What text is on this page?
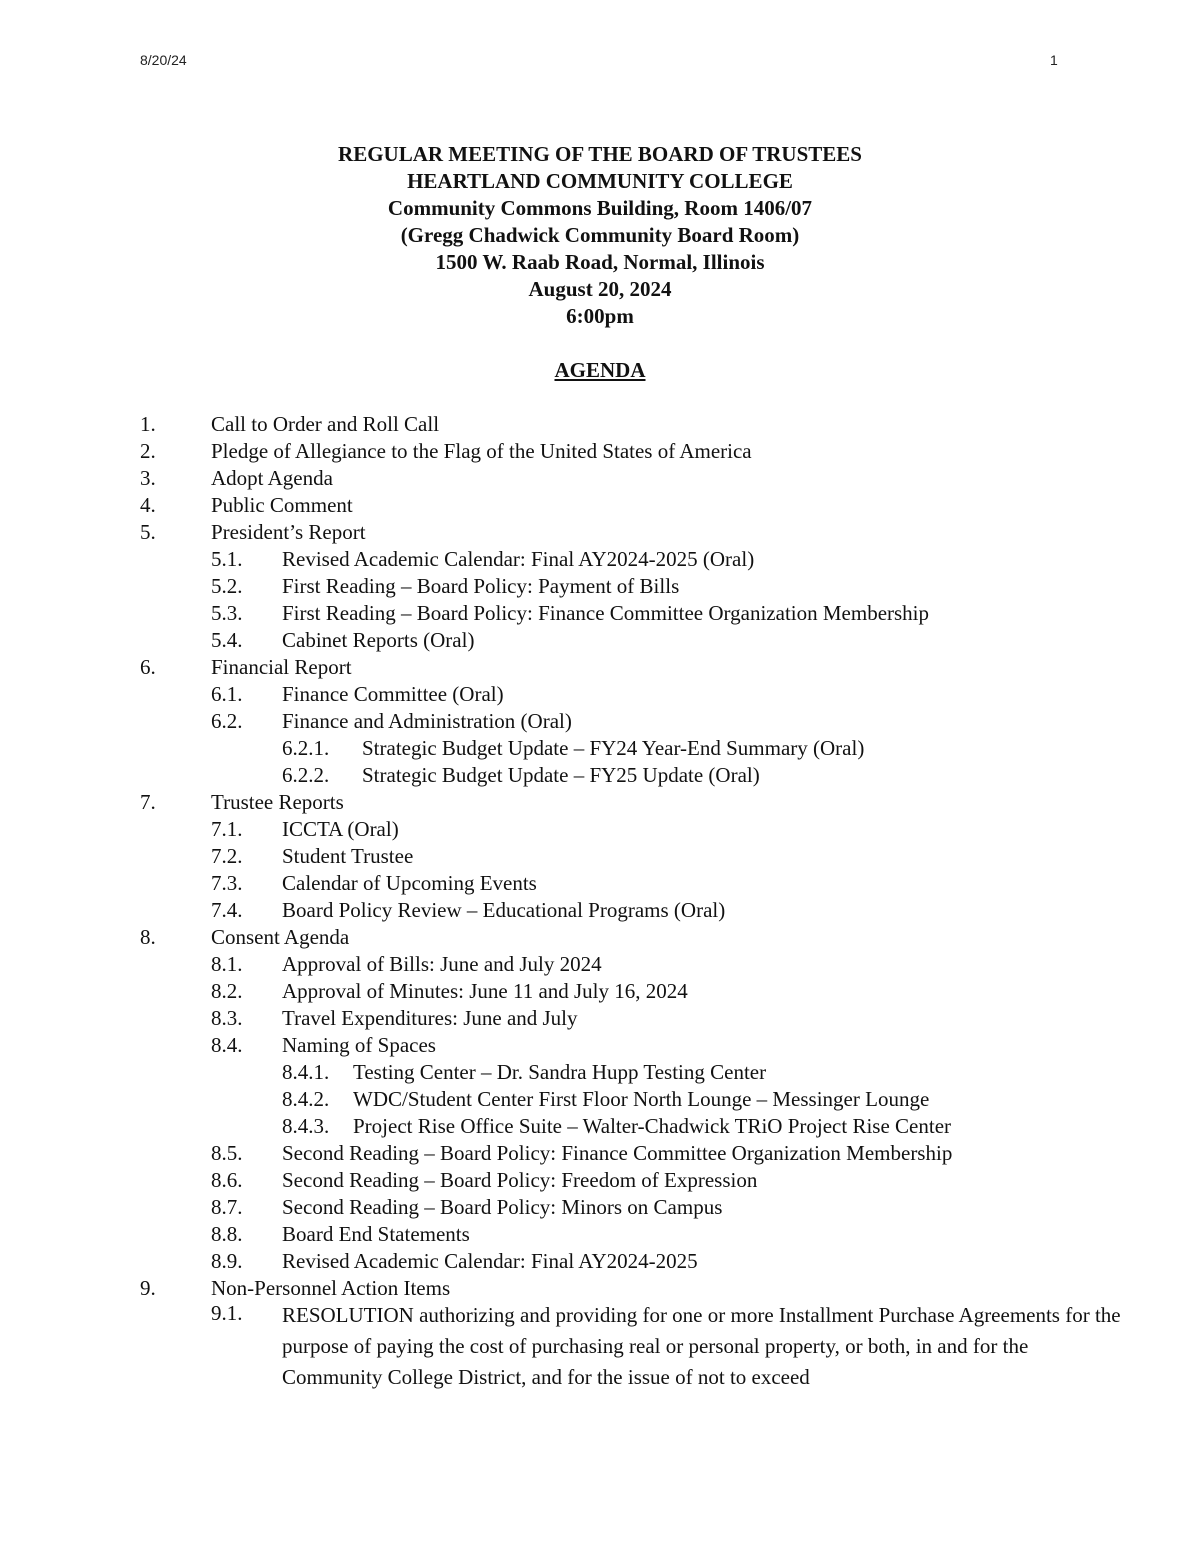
8/20/24	1
REGULAR MEETING OF THE BOARD OF TRUSTEES
HEARTLAND COMMUNITY COLLEGE
Community Commons Building, Room 1406/07
(Gregg Chadwick Community Board Room)
1500 W. Raab Road, Normal, Illinois
August 20, 2024
6:00pm
AGENDA
1.	Call to Order and Roll Call
2.	Pledge of Allegiance to the Flag of the United States of America
3.	Adopt Agenda
4.	Public Comment
5.	President’s Report
5.1. Revised Academic Calendar: Final AY2024-2025 (Oral)
5.2. First Reading – Board Policy: Payment of Bills
5.3. First Reading – Board Policy: Finance Committee Organization Membership
5.4. Cabinet Reports (Oral)
6.	Financial Report
6.1. Finance Committee (Oral)
6.2. Finance and Administration (Oral)
6.2.1. Strategic Budget Update – FY24 Year-End Summary (Oral)
6.2.2. Strategic Budget Update – FY25 Update (Oral)
7.	Trustee Reports
7.1. ICCTA (Oral)
7.2. Student Trustee
7.3. Calendar of Upcoming Events
7.4. Board Policy Review – Educational Programs (Oral)
8.	Consent Agenda
8.1. Approval of Bills: June and July 2024
8.2. Approval of Minutes: June 11 and July 16, 2024
8.3. Travel Expenditures: June and July
8.4. Naming of Spaces
8.4.1. Testing Center – Dr. Sandra Hupp Testing Center
8.4.2. WDC/Student Center First Floor North Lounge – Messinger Lounge
8.4.3. Project Rise Office Suite – Walter-Chadwick TRiO Project Rise Center
8.5. Second Reading – Board Policy: Finance Committee Organization Membership
8.6. Second Reading – Board Policy: Freedom of Expression
8.7. Second Reading – Board Policy: Minors on Campus
8.8. Board End Statements
8.9. Revised Academic Calendar: Final AY2024-2025
9.	Non-Personnel Action Items
9.1. RESOLUTION authorizing and providing for one or more Installment Purchase Agreements for the purpose of paying the cost of purchasing real or personal property, or both, in and for the Community College District, and for the issue of not to exceed
